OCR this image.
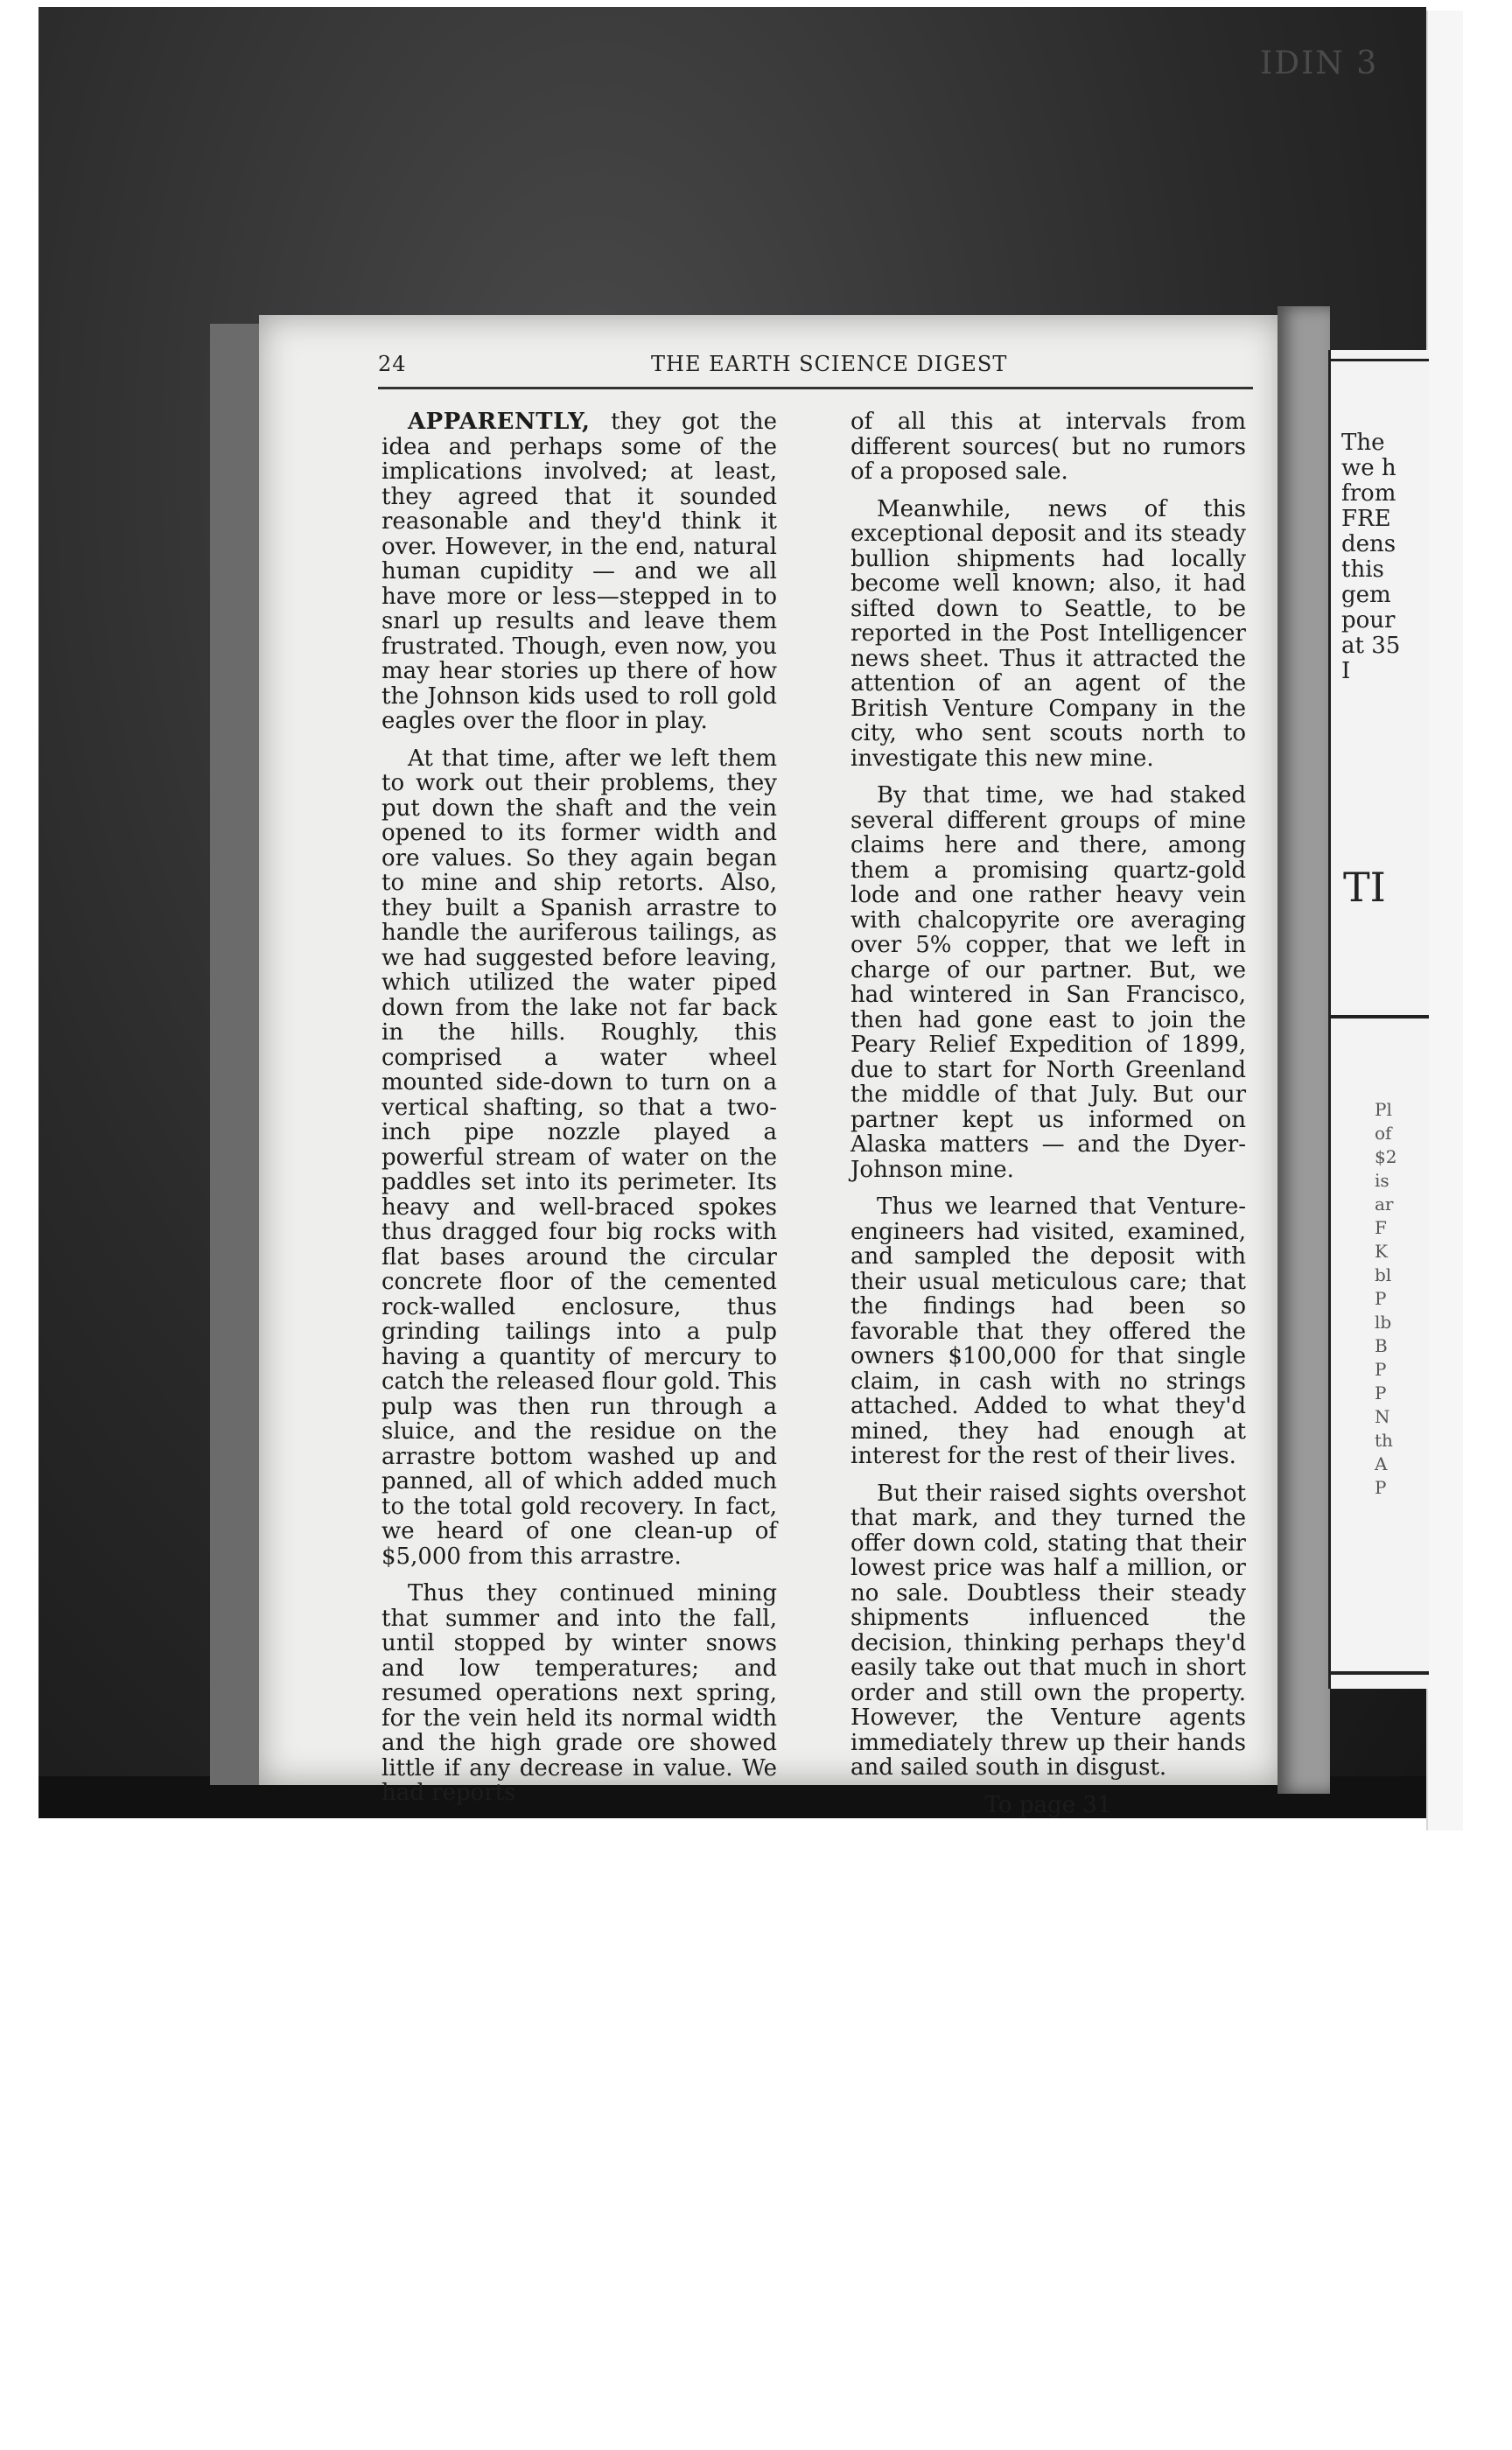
IDIN 3
24	THE EARTH SCIENCE DIGEST

APPARENTLY, they got the idea and perhaps some of the implications involved; at least, they agreed that it sounded reasonable and they'd think it over. However, in the end, natural human cupidity — and we all have more or less—stepped in to snarl up results and leave them frustrated. Though, even now, you may hear stories up there of how the Johnson kids used to roll gold eagles over the floor in play.

At that time, after we left them to work out their problems, they put down the shaft and the vein opened to its former width and ore values. So they again began to mine and ship retorts. Also, they built a Spanish arrastre to handle the auriferous tailings, as we had suggested before leaving, which utilized the water piped down from the lake not far back in the hills. Roughly, this comprised a water wheel mounted side-down to turn on a vertical shafting, so that a two-inch pipe nozzle played a powerful stream of water on the paddles set into its perimeter. Its heavy and well-braced spokes thus dragged four big rocks with flat bases around the circular concrete floor of the cemented rock-walled enclosure, thus grinding tailings into a pulp having a quantity of mercury to catch the released flour gold. This pulp was then run through a sluice, and the residue on the arrastre bottom washed up and panned, all of which added much to the total gold recovery. In fact, we heard of one clean-up of $5,000 from this arrastre.

Thus they continued mining that summer and into the fall, until stopped by winter snows and low temperatures; and resumed operations next spring, for the vein held its normal width and the high grade ore showed little if any decrease in value. We had reports

of all this at intervals from different sources( but no rumors of a proposed sale.

Meanwhile, news of this exceptional deposit and its steady bullion shipments had locally become well known; also, it had sifted down to Seattle, to be reported in the Post Intelligencer news sheet. Thus it attracted the attention of an agent of the British Venture Company in the city, who sent scouts north to investigate this new mine.

By that time, we had staked several different groups of mine claims here and there, among them a promising quartz-gold lode and one rather heavy vein with chalcopyrite ore averaging over 5% copper, that we left in charge of our partner. But, we had wintered in San Francisco, then had gone east to join the Peary Relief Expedition of 1899, due to start for North Greenland the middle of that July. But our partner kept us informed on Alaska matters — and the Dyer-Johnson mine.

Thus we learned that Venture-engineers had visited, examined, and sampled the deposit with their usual meticulous care; that the findings had been so favorable that they offered the owners $100,000 for that single claim, in cash with no strings attached. Added to what they'd mined, they had enough at interest for the rest of their lives.

But their raised sights overshot that mark, and they turned the offer down cold, stating that their lowest price was half a million, or no sale. Doubtless their steady shipments influenced the decision, thinking perhaps they'd easily take out that much in short order and still own the property. However, the Venture agents immediately threw up their hands and sailed south in disgust.

To page 31
The
we h
from
FRE
dens
this
gem
pour
at 35
I
TI
Pl
of
$2
is
ar
F
K
bl
P
lb
B
P
P
N
th
A
P
